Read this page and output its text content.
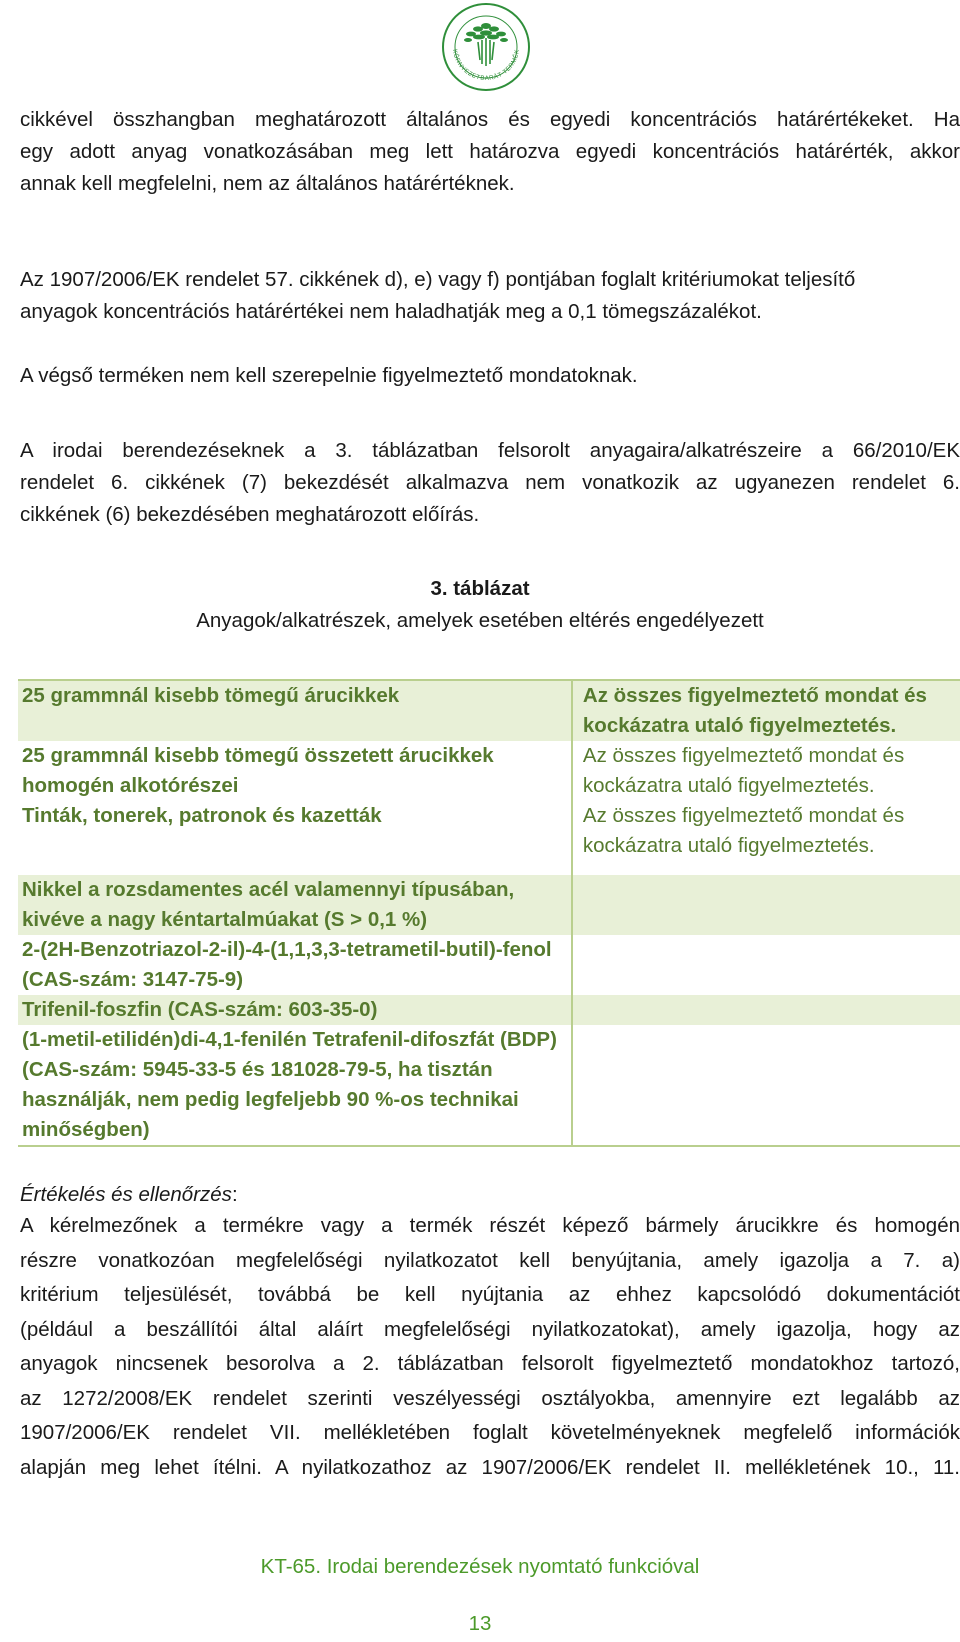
KÖRNYEZETBARÁT TERMÉK
cikkével összhangban meghatározott általános és egyedi koncentrációs határértékeket. Ha
egy adott anyag vonatkozásában meg lett határozva egyedi koncentrációs határérték, akkor
annak kell megfelelni, nem az általános határértéknek.
Az 1907/2006/EK rendelet 57. cikkének d), e) vagy f) pontjában foglalt kritériumokat teljesítő
anyagok koncentrációs határértékei nem haladhatják meg a 0,1 tömegszázalékot.
A végső terméken nem kell szerepelnie figyelmeztető mondatoknak.
A irodai berendezéseknek a 3. táblázatban felsorolt anyagaira/alkatrészeire a 66/2010/EK
rendelet 6. cikkének (7) bekezdését alkalmazva nem vonatkozik az ugyanezen rendelet 6.
cikkének (6) bekezdésében meghatározott előírás.
3. táblázat
Anyagok/alkatrészek, amelyek esetében eltérés engedélyezett
25 grammnál kisebb tömegű árucikkek	Az összes figyelmeztető mondat és kockázatra utaló figyelmeztetés.
25 grammnál kisebb tömegű összetett árucikkek homogén alkotórészei	Az összes figyelmeztető mondat és kockázatra utaló figyelmeztetés.
Tinták, tonerek, patronok és kazetták	Az összes figyelmeztető mondat és kockázatra utaló figyelmeztetés.

Nikkel a rozsdamentes acél valamennyi típusában, kivéve a nagy kéntartalmúakat (S > 0,1 %)	
2-(2H-Benzotriazol-2-il)-4-(1,1,3,3-tetrametil-butil)-fenol (CAS-szám: 3147-75-9)	
Trifenil-foszfin (CAS-szám: 603-35-0)	
(1-metil-etilidén)di-4,1-fenilén Tetrafenil-difoszfát (BDP) (CAS-szám: 5945-33-5 és 181028-79-5, ha tisztán használják, nem pedig legfeljebb 90 %-os technikai minőségben)	
Értékelés és ellenőrzés:
A kérelmezőnek a termékre vagy a termék részét képező bármely árucikkre és homogén
részre vonatkozóan megfelelőségi nyilatkozatot kell benyújtania, amely igazolja a 7. a)
kritérium teljesülését, továbbá be kell nyújtania az ehhez kapcsolódó dokumentációt
(például a beszállítói által aláírt megfelelőségi nyilatkozatokat), amely igazolja, hogy az
anyagok nincsenek besorolva a 2. táblázatban felsorolt figyelmeztető mondatokhoz tartozó,
az 1272/2008/EK rendelet szerinti veszélyességi osztályokba, amennyire ezt legalább az
1907/2006/EK rendelet VII. mellékletében foglalt követelményeknek megfelelő információk
alapján meg lehet ítélni. A nyilatkozathoz az 1907/2006/EK rendelet II. mellékletének 10., 11.
KT-65. Irodai berendezések nyomtató funkcióval
13
